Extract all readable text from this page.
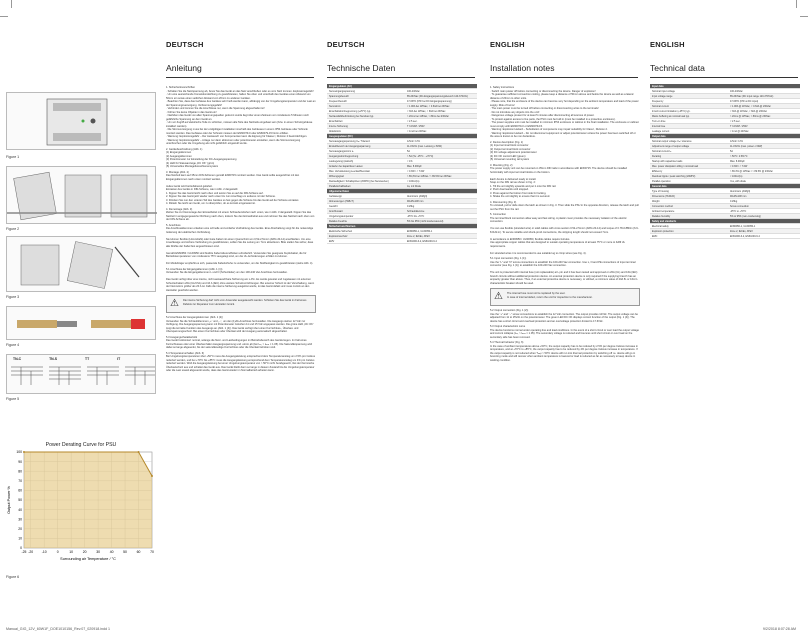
Figure 1
Figure 2
Figure 3
Figure 4
TN-C	TN-S	TT	IT
Figure 5
Power Derating Curve for PSU
0
10
20
30
40
50
60
70
80
90
100
-25 -20	-10	0	10	20	30	40	50	60	70
Surrounding air Temperature / °C
Output Power %
Figure 6
DEUTSCH
Anleitung
DEUTSCH
Technische Daten
ENGLISH
Installation notes
ENGLISH
Technical data
1. Sicherheitsvorschriften
· Schalten Sie die Netzspannung ab, bevor Sie das Gerät an das Netz anschließen oder es vom Netz trennen. Explosionsgefahr!
· Um eine ausreichende Konvektionskühlung zu gewährleisten, halten Sie oben und unterhalb des Gerätes einen Abstand von 50mm ein sowie einen seitlichen Abstand von 20mm zu anderen Geräten.
· Beachten Sie, dass das Gehäuse des Gerätes sehr heiß werden kann, abhängig von der Umgebungstemperatur und der Last an der Spannungsversorgung. Verbrennungsgefahr!
· Verbinden und trennen Sie die Anschlüsse nur, wenn die Spannung abgeschaltet ist!
· Führen Sie keine Objekte in das Gerät ein!
· Nachdem das Gerät von allen Spannungsquellen getrennt wurde liegt über einen Zeitraum von mindestens 5 Minuten noch gefährliche Spannung an dem Gerät an.
· Um vor Zugriff auf elektrische Teile zu schützen, müssen alle Teile des Netzteils eingebaut sein (bzw. in einem Schutzgehäuse installiert werden).
· Die Stromversorgung muss bei der endgültigen Installation innerhalb des Gehäuses in einem IP54 Gehäuse oder Schrank montiert werden. Das Gehäuse oder der Schrank müssen der EN60079-0 oder EN60079-15 Norm erfüllen.
· Warnung: Explosionsgefahr – Der Austausch von Komponenten kann die Eignung für Klasse I, Division 2 beeinträchtigen.
· Warnung: Explosionsgefahr – Anlage nur dann abtrennen oder potentiometer einstellen, wenn die Stromversorgung unterbrochen oder die Umgebung als nicht gefährlich eingestuft wurde.
2. Gerätebeschreibung (Abb. 1)
(1) Eingangsklemmen
(2) Ausgangsklemmen
(3) Potentiometer zur Einstellung der DC-Ausgangsspannung
(4) LED für Statusanzeige „DC OK“ (grün)
(5) Universelles Montagefussschienensystem
3. Montage (Abb. 2)
Das Netzteil kann auf 35mm DIN-Schienen gemäß EN60715 montiert werden. Das Gerät sollte ausgerichtet mit den Eingangsklemmen nach unten montiert werden.

Jedes Gerät wird betriebsbereit geliefert.
Einrasten des Geräts in DIN-Schiene, wie in Abb. 2 dargestellt:
1. Kippen Sie das Gerät leicht nach oben und setzen Sie es auf die DIN-Schiene auf.
2. Kippen Sie das Gerät jetzt wieder nach unten bis zum Anschlag um anderes mit der Schiene.
3. Drücken Sie nun den unteren Teil des Gerätes so fest gegen die Schiene bis das Gerät auf der Schiene einrastet.
4. Rütteln Sie leicht am Gerät, um zu überprüfen, ob es korrekt eingerastet ist.
4. Demontage (Abb. 3)
Ziehen Sie zur Demontage den Einrasthebel mit einem Schraubendreher nach unten, wie in Abb. 3 dargestellt. Kippen Sie das Netzteil in entgegengesetzter Richtung nach oben, lockern Sie den Einrasthebel aus und nehmen Sie das Netzteil nach oben von der DIN-Schiene ab.
5. Anschluss
Die Anschlussklemmen erlauben eine schnelle und einfache Verdrahtung des Geräts. Eine Abschaltung sorgt für die notwendige Isolierung der elektrischen Verbindung.

Sie können flexible (Litzendraht) oder feste Kabel mit einem Querschnitt von 0,52-2,5mm² (AWG 20-14) anschließen. Um eine zuverlässige und sichere Verbindung zu gewährleisten, sollten Sie die Leitung um 7mm abisolieren. Bitte stellen Sie sicher, dass alle Drähte der Kabel fest angeschlossen sind.

Gemäß EN60950 / UL60950 sind flexible Kabel Aderendhülsen erforderlich. Verwenden Sie geeignete Kupferkabel, die für Betriebstemperaturen von mindestens 75°C ausgelegt sind, um die UL-Anforderungen erfüllen zu können.

Für Modulträger empfiehlt es sich, passende Kabelschuhe zu verwenden, um die Stoßfestigkeit zu gewährleisten (siehe Abb. 4).
5.1 Anschluss der Eingangsklemmen (Abb. 1 (1))
Verwenden Sie die Eingangsklemmen L und N (Schutzleiter) um den 100-240 Vac Anschluss herzustellen.

Das Gerät verfügt über eine interne, nicht austauschbare Sicherung am L-Pin. Es wurde getestet und zugelassen mit externen Schutzschaltern 20A (UL/CSA) und 16 A (IEC) ohne weitere Schutzvorrichtungen. Bei externer Schutz ist der Vorschaltung, wenn der Nennstrom größer als 20 A ist. Falls die interne Sicherung ausgelöst wurde, ist das Gerät defekt und muss zurück an den Hersteller geschickt werden.
⚠ Die interne Sicherung darf nicht vom Anwender ausgetauscht werden. Schicken Sie das Gerät im Fall eines Defekts zur Reparatur zum Hersteller zurück.
5.2 Anschluss der Ausgangsklemmen (Abb. 1 (2))
Verwenden Sie die Schraubklemmen „+“ und „−“, um den (1)Ab-Anschluss herzustellen. Die Ausgangs stehen 12 Vdc zur Verfügung. Die Ausgangsspannung kann mit Potentiometer zwischen 11 und 15 Vdc angepasst werden. Die grüne LED „DC OK“ zeigt die korrekte Funktion des Ausgangs an (Abb. 1 (4)). Das Gerät verfügt über einen Kurzschluss-, Überlast- und Überspannungsschutz. Bei einem Kurzschluss oder Überlast wird der Ausgang automatisch abgeschaltet.
5.3 Ausgangscharakteristik
Das Gerät funktioniert normal, solange die Netz- und Lastbedingungen im Betriebsbereich des Geräts liegen. Im Fall eines Kurzschlusses oder einer Überlast fallen Ausgangsspannung und -strom ab (bei Iₒᵤₜ > Iₙₒₘ × 1.05). Die Sekundärspannung wird dabei so lange abgesenkt, bis der sekundärseitige Kurzschluss oder die Überlast behoben sind.
5.4 Temperaturverhalten (Abb. 6)
Bei Umgebungstemperaturen über +50°C muss die Ausgangsleistung entsprechend dem Temperaturanstieg um 2.5% pro Celsius reduziert werden, und bei +70°C bis +85°C muss die Ausgangsleistung entsprechend dem Temperaturanstieg um 4% pro Celsius reduziert werden. Wird die Ausgangsleistung bei einer Umgebungstemperatur von > 50°C nicht herabgesetzt, löst der thermische Überlastschutz aus und schaltet das Gerät aus. Das Gerät bleibt dann so lange in diesem Zustand bis die Umgebungstemperatur oder die Last soweit abgesenkt wurde, dass das Gerät wieder im Normalbetrieb arbeiten kann.
1. Safety instructions
· Switch main power off before connecting or disconnecting the device. Danger of explosion!
· To guarantee sufficient convection cooling, please keep a distance of 50mm above and below the device as well as a lateral distance of 20mm to other units.
· Please note, that the enclosure of the device can become very hot depending on the ambient temperature and load of the power supply. Risk of burns!
· The main power must be turned off before connecting or disconnecting wires to the terminals!
· Do not introduce any objects into the unit!
· Dangerous voltage present for at least 5 minutes after disconnecting all sources of power.
· To protect against access to live parts, the PSU must be built in (must be installed in a protective enclosure).
· The power supplies unit must be installed in minimum IP54 enclosure or cabinet in the final installation. The enclosure or cabinet must comply with EN60079-0 or EN60079-15.
· Warning: Explosion Hazard – Substitution of components may impair suitability for Class I, Division 2.
· Warning: Explosion Hazard – Do not disconnect equipment or adjust potentiometer unless the power has been switched off or the area is known to be non-hazardous.
2. Device description (Fig. 1)
(1) Input terminal block connector
(2) Output terminal block connector
(3) DC voltage adjustment potentiometer
(4) DC OK control LED (green)
(5) Universal mounting rail system
3. Mounting (Fig. 2)
The power supply unit can be mounted on 35mm DIN rails in accordance with EN60715. The device should be installed horizontally with input terminal blocks on the bottom.

Each device is delivered ready to install.
Snap on the DIN rail as shown in Fig. 2:
1. Tilt the unit slightly upwards and put it onto the DIN rail.
2. Push downwards until stopped.
3. Press against the bottom front side for locking.
4. Shake the unit slightly to ensure that it is secured.
4. Dismounting (Fig. 3)
To uninstall, pull or slide down the latch as shown in Fig. 3. Then slide the PSU in the opposite direction, release the latch and pull out the PSU from the rail.
5. Connection
The terminal block connectors allow easy and fast wiring. A plastic cover provides the necessary isolation of the electric connection.

You can use flexible (stranded wire) or solid cables with cross section 0.52-2.5mm² (AWG 20-14) and torque of 0.78-0.88Nm (6.9-8.0Lbf-in). To secure reliable and shock-proof connections, the stripping length should not exceed 7mm.

In accordance to EN60950 / UL60950, flexible cables require ferrules.
Use appropriate copper cables that are designed to sustain operating temperature of at least 75°C or more to fulfill UL requirements.

For stranded wires it is recommended to use suitable lug to crimp wires (see Fig. 4).
5.1 Input connection (Fig. 1 (1))
Use the “L” and “N” screw connections to establish the 100-240 Vac connection. Use L, N and PE connections of input terminal connector (see Fig. 1 (1)) to establish the 100-240 Vac connection.

The unit is protected with internal fuse (not replaceable) at L pin and it has been tested and approved on 20A (UL) and 16A (IEC) branch circuits without additional protection device. An external protection device is only required if the supplying branch has an ampacity greater than above. Thus, if an external protective device is necessary, or utilized, a minimum value of 20A B- or 16A C- characteristic breaker should be used.
⚠ The internal fuse must not be replaced by the user.
In case of internal defect, return the unit for inspection to the manufacturer.
5.2 Output connection (Fig. 1 (2))
Use the “+” and “−” screw connections to establish the 12 Vdc connection. The output provides 12Vdc. The output voltage can be adjusted from 11 to 15Vdc on the potentiometer. The green LED DC OK displays correct function of the output (Fig. 1 (4)). The device has a short circuit and overload protection and an overvoltage protection limited to 17.6Vdc.
5.3 Output characteristic curve
The device functions normal under operating line and load conditions. In the event of a short circuit or over load the output voltage and current collapse (Iₒᵤₜ > Iₙₒₘ × 1.05). The secondary voltage is reduced and bounces until short circuit or over load on the secondary side has been removed.
5.4 Thermal behavior (Fig. 6)
In the case of ambient temperatures above +50°C, the output capacity has to be reduced by 2.5% per degree Celsius increase in temperature, and at +70°C to +85°C, the output capacity has to be reduced by 4% per degree Celsius increase in temperature. If the output capacity is not reduced when Tₐₘᵦ > 50°C device will run into thermal protection by switching off i.e. device will go in bouncing mode and will recover when ambient temperature is lowered or load is reduced as far as necessary to keep device in working condition.
Eingangsdaten (AC)
Nenneingangsspannung	100-240Vac
Spannungsbereich	85-264Vac (DC-Eingangsspannungsbereich 120-370Vdc)
Frequenzbereich	47-63Hz (0Hz bei DC Eingangsspannung)
Nennstrom	< 1.08A bei 115Vac, < 0.64A bei 230Vac
Einschaltstrombegrenzung (+25°C) typ.	< 30A bei 115Vac, < 60A bei 230Vac
Netzausfallüberbrückung bei Nennlast typ.	> 20ms bei 115Vac, > 80ms bei 230Vac
Einschaltzeit	< 2.5 sec.
Interne Sicherung	T 3.15AH / 250V
Ableitstrom	< 1mA bei 240Vac
Ausgangsdaten (DC)
Nennausgangsspannung Uₙ / Toleranz	12Vdc ± 2%
Einstellbereich der Ausgangsspannung	11-15Vdc (max. Leistung ≤ 60W)
Nennausgangsstrom Iₙ	5A
Ausgangsstrombegrenzung	> 5A (Ta: -25°C…+70°C)
Lastregelung (statisch)	< 1%
Anlaufen bei kapazitiven Lasten	Max. 8.000μF
Max. Verlustleistung Leerlauf/Nennlast	< 0.3W / < 7.6W
Wirkungsgrad	> 89,3% bei 115Vac / > 89.5% bei 230Vac
Restwelligkeit / Schaltspitzen (20MHz) (bei Nennwerten)	< 100mVpp
Parallelschaltbarkeit	Ja, mit Diode
Allgemeine Daten
Gehäusetyp	Aluminium (AlMg3)
Abmessungen (HxBxT)	90x45x108 mm
Gewicht	0.29kg
Anschlussart	Schraubklemme
Umgebungstemperatur	-25°C bis +70°C
Relative Feuchte	5% bis 95% (nicht kondensierend)
Sicherheit und Normen
Elektrische Sicherheit	EN60950-1, UL60950-1
Explosionsschutz	Zone 2, IECEx, ATEX
EMV	EN61000-6-2, EN61000-6-4
Input data
Nominal input voltage	100-240Vac
Input voltage range	85-264Vac (DC input range 120-370Vdc)
Frequency	47-63Hz (0Hz at DC input)
Nominal current	< 1.08A @ 115Vac, < 0.64A @ 230Vac
Inrush current limitation (+25°C) typ.	< 30A @ 115Vac, < 60A @ 230Vac
Mains buffering at nominal load typ.	> 20ms @ 115Vac, > 80ms @ 230Vac
Turn-on time	< 2.5 sec.
Internal fuse	T 3.15AH / 250V
Leakage current	< 1mA @ 240Vac
Output data
Nominal output voltage Uₙ / tolerance	12Vdc ± 2%
Adjustment range of output voltage	11-15Vdc (max. power ≤ 60W)
Nominal current Iₙ	5A
Derating	> 50°C: 2.5%/°C
Startup with capacitive loads	Max. 8.000μF
Max. power dissipation idling / nominal load	< 0.3W / < 7.6W
Efficiency	> 89.3% @ 115Vac / > 89.5% @ 230Vac
Residual ripple / peak switching (20MHz)	< 100mVpp
Parallel operation	Yes, with diode
General data
Type of housing	Aluminium (AlMg3)
Dimensions (HxWxD)	90x45x108 mm
Weight	0.29kg
Connection method	Screw connection
Ambient temperature	-25°C to +70°C
Relative humidity	5% to 95% (non-condensing)
Safety and standards
Electrical safety	EN60950-1, UL60950-1
Explosion protection	Zone 2, IECEx, ATEX
EMC	EN61000-6-2, EN61000-6-4
Manual_GIG_12V_60W1F_DOE1010156_Rev.07_020918.indd 1	9/2/2018 8:07:28 AM
